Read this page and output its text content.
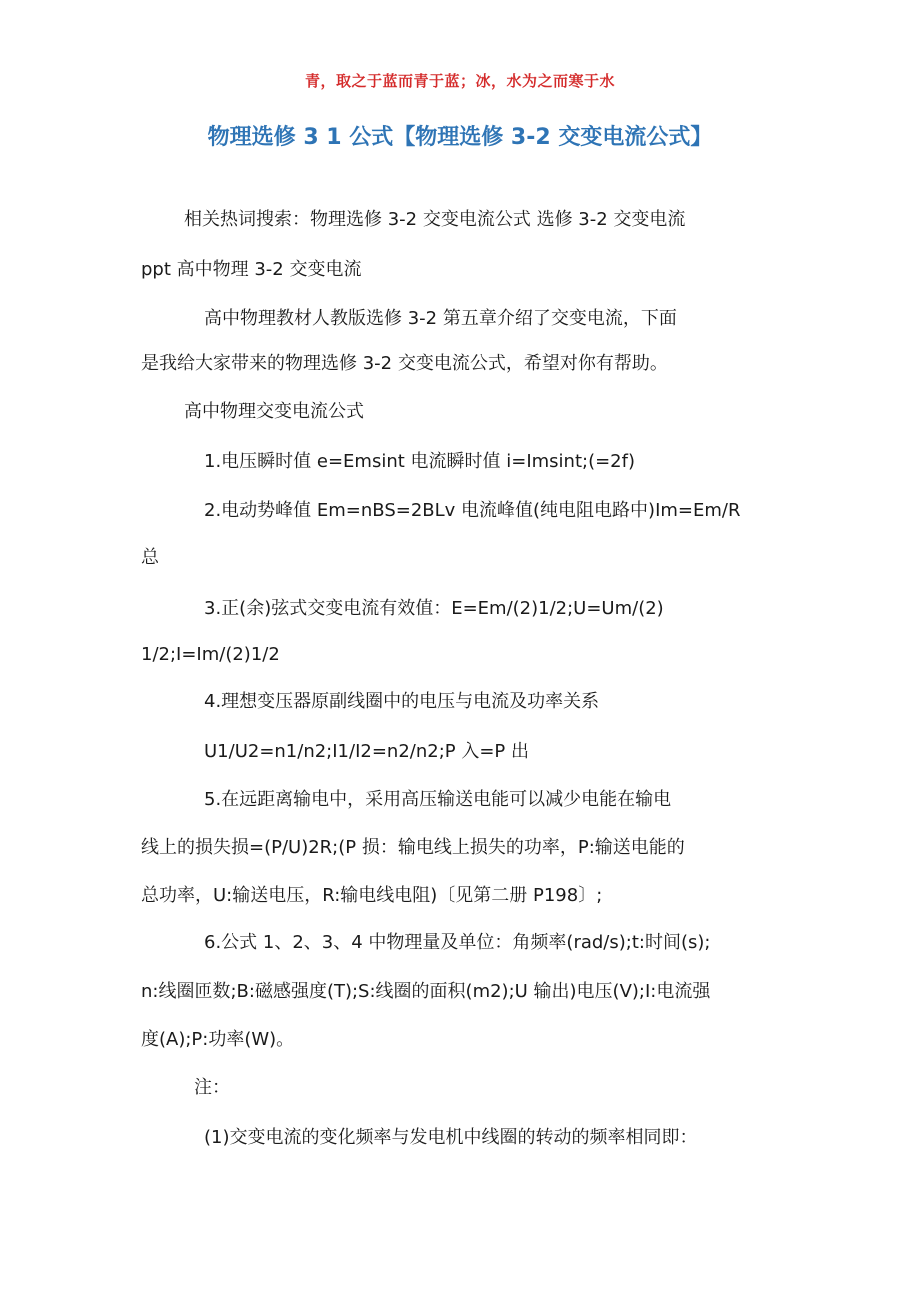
青，取之于蓝而青于蓝；冰，水为之而寒于水
物理选修 3 1 公式【物理选修 3-2 交变电流公式】
相关热词搜索：物理选修 3-2 交变电流公式 选修 3-2 交变电流
ppt 高中物理 3-2 交变电流
高中物理教材人教版选修 3-2 第五章介绍了交变电流，下面
是我给大家带来的物理选修 3-2 交变电流公式，希望对你有帮助。
高中物理交变电流公式
1.电压瞬时值 e=Emsint 电流瞬时值 i=Imsint;(=2f)
2.电动势峰值 Em=nBS=2BLv 电流峰值(纯电阻电路中)Im=Em/R
总
3.正(余)弦式交变电流有效值：E=Em/(2)1/2;U=Um/(2)
1/2;I=Im/(2)1/2
4.理想变压器原副线圈中的电压与电流及功率关系
U1/U2=n1/n2;I1/I2=n2/n2;P 入=P 出
5.在远距离输电中，采用高压输送电能可以减少电能在输电
线上的损失损=(P/U)2R;(P 损：输电线上损失的功率，P:输送电能的
总功率，U:输送电压，R:输电线电阻)〔见第二册 P198〕;
6.公式 1、2、3、4 中物理量及单位：角频率(rad/s);t:时间(s);
n:线圈匝数;B:磁感强度(T);S:线圈的面积(m2);U 输出)电压(V);I:电流强
度(A);P:功率(W)。
注：
(1)交变电流的变化频率与发电机中线圈的转动的频率相同即：
